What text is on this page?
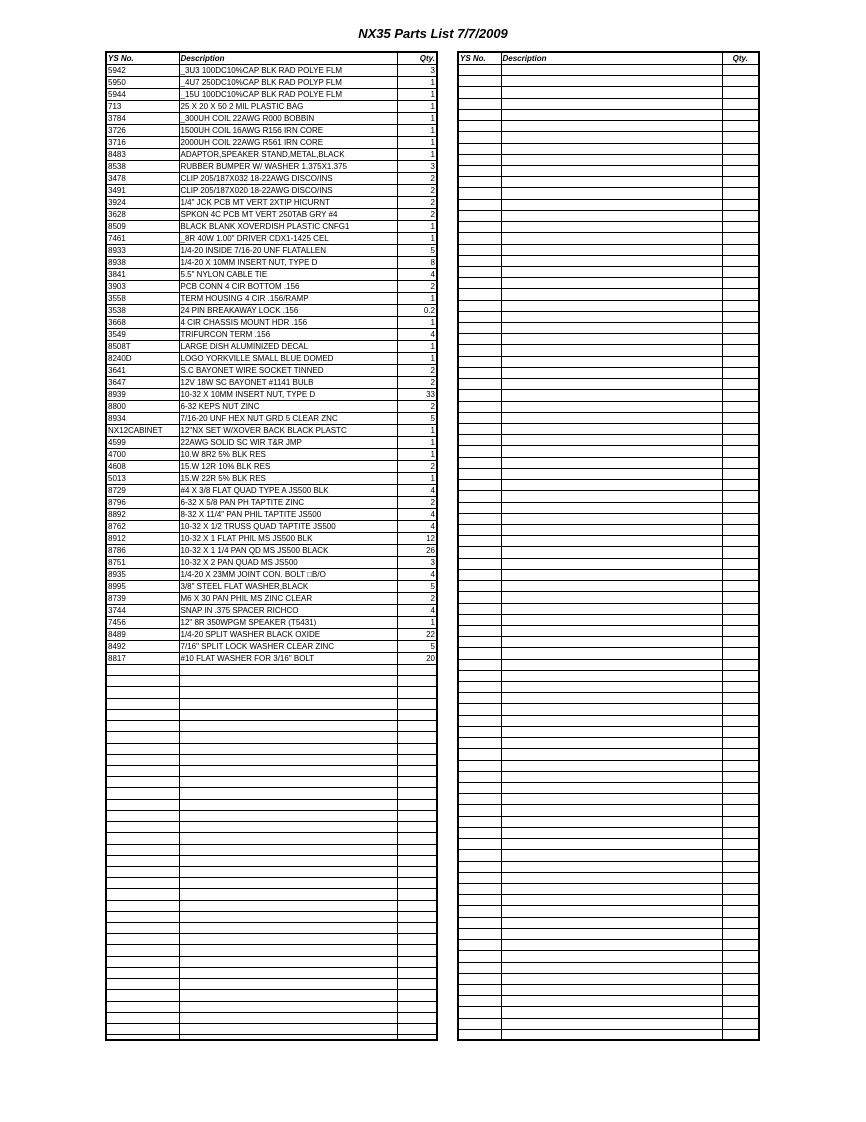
NX35 Parts List 7/7/2009
YS No.	Description	Qty.
5942	_3U3 100DC10%CAP BLK RAD POLYE FLM	3
5950	_4U7 250DC10%CAP BLK RAD POLYP FLM	1
5944	_15U 100DC10%CAP BLK RAD POLYE FLM	1
713	25 X 20 X 50 2 MIL PLASTIC BAG	1
3784	_300UH COIL 22AWG R000 BOBBIN	1
3726	1500UH COIL 16AWG R156 IRN CORE	1
3716	2000UH COIL 22AWG R561 IRN CORE	1
8483	ADAPTOR,SPEAKER STAND,METAL,BLACK	1
8538	RUBBER BUMPER W/ WASHER 1.375X1.375	3
3478	CLIP 205/187X032 18-22AWG DISCO/INS	2
3491	CLIP 205/187X020 18-22AWG DISCO/INS	2
3924	1/4" JCK PCB MT VERT 2XTIP HICURNT	2
3628	SPKON 4C PCB MT VERT 250TAB GRY #4	2
8509	BLACK BLANK XOVERDISH PLASTIC CNFG1	1
7461	_8R 40W 1.00" DRIVER CDX1-1425 CEL	1
8933	1/4-20 INSIDE 7/16-20 UNF FLATALLEN	5
8938	1/4-20 X 10MM INSERT NUT, TYPE D	8
3841	5.5" NYLON CABLE TIE	4
3903	PCB CONN 4 CIR BOTTOM .156	2
3558	TERM HOUSING 4 CIR .156/RAMP	1
3538	24 PIN BREAKAWAY LOCK .156	0.2
3668	4 CIR CHASSIS MOUNT HDR .156	1
3549	TRIFURCON TERM .156	4
8508T	LARGE DISH ALUMINIZED DECAL	1
8240D	LOGO YORKVILLE SMALL BLUE DOMED	1
3641	S.C BAYONET WIRE SOCKET TINNED	2
3647	12V 18W SC BAYONET #1141 BULB	2
8939	10-32 X 10MM INSERT NUT, TYPE D	33
8800	6-32 KEPS NUT ZINC	2
8934	7/16-20 UNF HEX NUT GRD 5 CLEAR ZNC	5
NX12CABINET	12"NX SET W/XOVER BACK BLACK PLASTC	1
4599	22AWG SOLID SC WIR T&R JMP	1
4700	10.W 8R2 5% BLK RES	1
4608	15.W 12R 10% BLK RES	2
5013	15.W 22R 5% BLK RES	1
8729	#4 X 3/8 FLAT QUAD TYPE A JS500 BLK	4
8796	6-32 X 5/8 PAN PH TAPTITE ZINC	2
8892	8-32 X 11/4" PAN PHIL TAPTITE JS500	4
8762	10-32 X 1/2 TRUSS QUAD TAPTITE JS500	4
8912	10-32 X 1 FLAT PHIL MS JS500 BLK	12
8786	10-32 X 1 1/4 PAN QD MS JS500 BLACK	26
8751	10-32 X 2 PAN QUAD MS JS500	3
8935	1/4-20 X 23MM JOINT CON. BOLT □B/O	4
8995	3/8" STEEL FLAT WASHER,BLACK	5
8739	M6 X 30 PAN PHIL MS ZINC CLEAR	2
3744	SNAP IN .375 SPACER RICHCO	4
7456	12" 8R 350WPGM SPEAKER (T5431)	1
8489	1/4-20 SPLIT WASHER BLACK OXIDE	22
8492	7/16" SPLIT LOCK WASHER CLEAR ZINC	5
8817	#10 FLAT WASHER FOR 3/16" BOLT	20

YS No.	Description	Qty.
